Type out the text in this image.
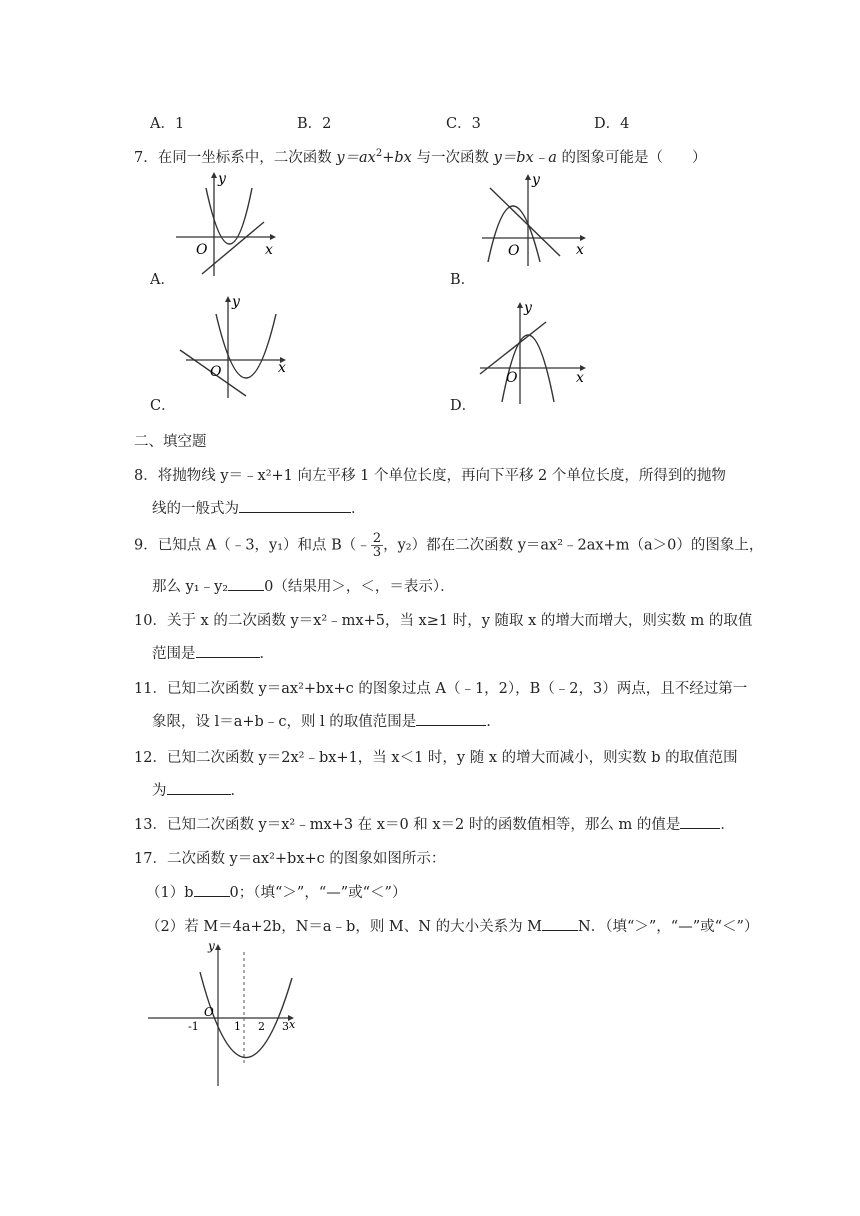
A．1	B．2	C．3	D．4
7．在同一坐标系中，二次函数 $y=ax^2+bx$ 与一次函数 y＝bx﹣a 的图象可能是（　　）
O	x
y
A．
O	x
y
B．
O	x
y
C．
O	x
y
D．
二、填空题
8．将抛物线 y＝﹣x²+1 向左平移 1 个单位长度，再向下平移 2 个单位长度，所得到的抛物
线的一般式为	．
9．已知点 A（﹣3，y₁）和点 B（﹣ $\frac{2}{3}$ ，y₂）都在二次函数 y＝ax²﹣2ax+m（a＞0）的图象上，
那么 y₁﹣y₂ 0（结果用＞，＜，＝表示）．
10．关于 x 的二次函数 y＝x²﹣mx+5，当 x≥1 时，y 随取 x 的增大而增大，则实数 m 的取值
范围是	．
11．已知二次函数 y＝ax²+bx+c 的图象过点 A（﹣1，2），B（﹣2，3）两点，且不经过第一
象限，设 l＝a+b﹣c，则 l 的取值范围是	．
12．已知二次函数 y＝2x²﹣bx+1，当 x＜1 时，y 随 x 的增大而减小，则实数 b 的取值范围
为	．
13．已知二次函数 y＝x²﹣mx+3 在 x＝0 和 x＝2 时的函数值相等，那么 m 的值是	．
17．二次函数 y＝ax²+bx+c 的图象如图所示：
（1）b 0；（填“＞”，“—”或“＜”）
（2）若 M＝4a+2b，N＝a﹣b，则 M、N 的大小关系为 M N．（填“＞”，“—”或“＜”）
y
O
-1	1 2 3 x
